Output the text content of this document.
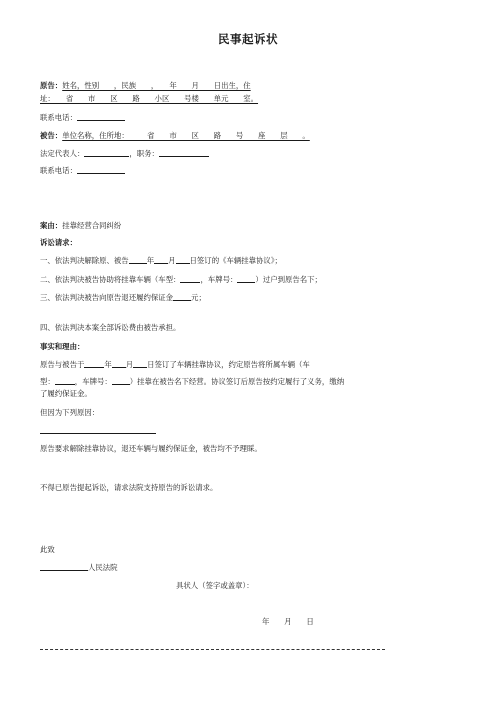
民事起诉状
原告：姓名，性别　　，民族　　，　　年　　月　　日出生，住
址：　　省　　市　　区　　路　　小区　　号楼　　单元　　室。
联系电话：
被告：单位名称，住所地：　　　省　　市　　区　　路　　号　　座　　层　　。
法定代表人：	，职务：
联系电话：
案由：挂靠经营合同纠纷
诉讼请求：
一、依法判决解除原、被告 年 月 日签订的《车辆挂靠协议》；
二、依法判决被告协助将挂靠车辆（车型：	，车牌号： ）过户到原告名下；
三、依法判决被告向原告退还履约保证金 元；
四、依法判决本案全部诉讼费由被告承担。
事实和理由：
原告与被告于	年 月 日签订了车辆挂靠协议，约定原告将所属车辆（车
型：	，车牌号： ）挂靠在被告名下经营。协议签订后原告按约定履行了义务，缴纳
了履约保证金。
但因为下列原因：
原告要求解除挂靠协议，退还车辆与履约保证金，被告均不予理睬。
不得已原告提起诉讼，请求法院支持原告的诉讼请求。
此致
人民法院
具状人（签字或盖章）：
年　　月　　日
